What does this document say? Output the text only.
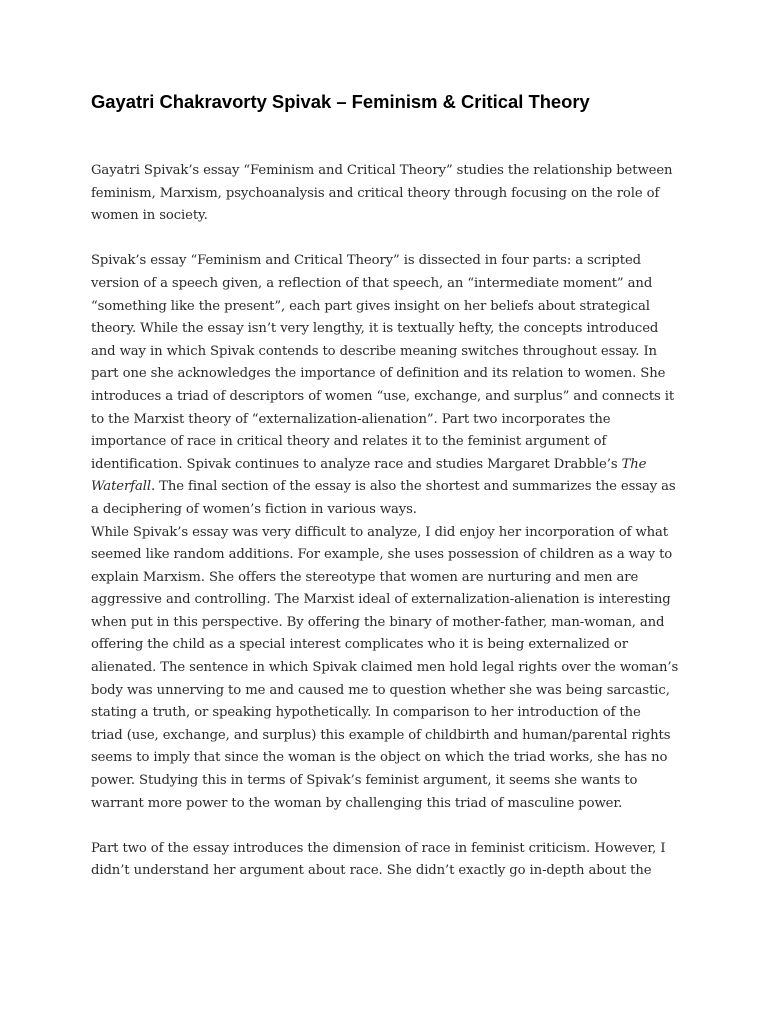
Gayatri Chakravorty Spivak – Feminism & Critical Theory

Gayatri Spivak’s essay “Feminism and Critical Theory” studies the relationship between
feminism, Marxism, psychoanalysis and critical theory through focusing on the role of
women in society.

Spivak’s essay “Feminism and Critical Theory” is dissected in four parts: a scripted
version of a speech given, a reflection of that speech, an “intermediate moment” and
“something like the present”, each part gives insight on her beliefs about strategical
theory. While the essay isn’t very lengthy, it is textually hefty, the concepts introduced
and way in which Spivak contends to describe meaning switches throughout essay. In
part one she acknowledges the importance of definition and its relation to women. She
introduces a triad of descriptors of women “use, exchange, and surplus” and connects it
to the Marxist theory of “externalization-alienation”. Part two incorporates the
importance of race in critical theory and relates it to the feminist argument of
identification. Spivak continues to analyze race and studies Margaret Drabble’s The
Waterfall. The final section of the essay is also the shortest and summarizes the essay as
a deciphering of women’s fiction in various ways.

While Spivak’s essay was very difficult to analyze, I did enjoy her incorporation of what
seemed like random additions. For example, she uses possession of children as a way to
explain Marxism. She offers the stereotype that women are nurturing and men are
aggressive and controlling. The Marxist ideal of externalization-alienation is interesting
when put in this perspective. By offering the binary of mother-father, man-woman, and
offering the child as a special interest complicates who it is being externalized or
alienated. The sentence in which Spivak claimed men hold legal rights over the woman’s
body was unnerving to me and caused me to question whether she was being sarcastic,
stating a truth, or speaking hypothetically. In comparison to her introduction of the
triad (use, exchange, and surplus) this example of childbirth and human/parental rights
seems to imply that since the woman is the object on which the triad works, she has no
power. Studying this in terms of Spivak’s feminist argument, it seems she wants to
warrant more power to the woman by challenging this triad of masculine power.

Part two of the essay introduces the dimension of race in feminist criticism. However, I
didn’t understand her argument about race. She didn’t exactly go in-depth about the
